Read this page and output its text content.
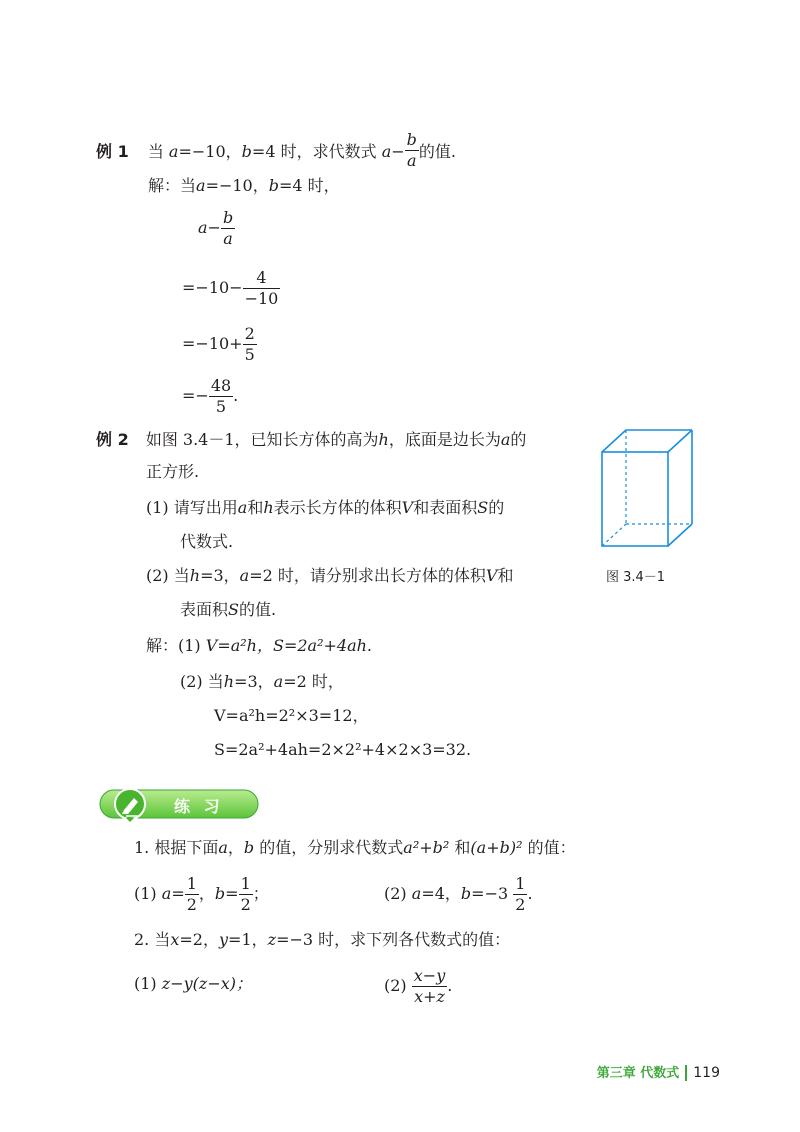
例 1 当 a=−10，b=4 时，求代数式 $a- \frac{b}{a}$ 的值.
解：当a=−10，b=4 时，
$a- \frac{b}{a}$
$=-10- \frac{4}{-10}$
$=-10+ \frac{2}{5}$
=− $\frac{48}{5}$ .
例 2 如图 3.4－1，已知长方体的高为h，底面是边长为a的
正方形.
(1) 请写出用a和h表示长方体的体积V和表面积S的
代数式.
(2) 当h=3，a=2 时，请分别求出长方体的体积V和
表面积S的值.
解：(1) V=a²h，S=2a²+4ah.
(2) 当h=3，a=2 时，
V=a²h=2²×3=12，
S=2a²+4ah=2×2²+4×2×3=32.
图 3.4－1
练 习
1. 根据下面a，b 的值，分别求代数式a²+b² 和(a+b)² 的值：
(1) $a= \frac{1}{2}$ ，$b= \frac{1}{2}$ ；	(2) a=4，$b=-3 \frac{1}{2}$ .
2. 当x=2，y=1，z=−3 时，求下列各代数式的值：
(1) z−y(z−x)；	$(2) \frac{x-y}{x+z}$ .
第三章 代数式 119
